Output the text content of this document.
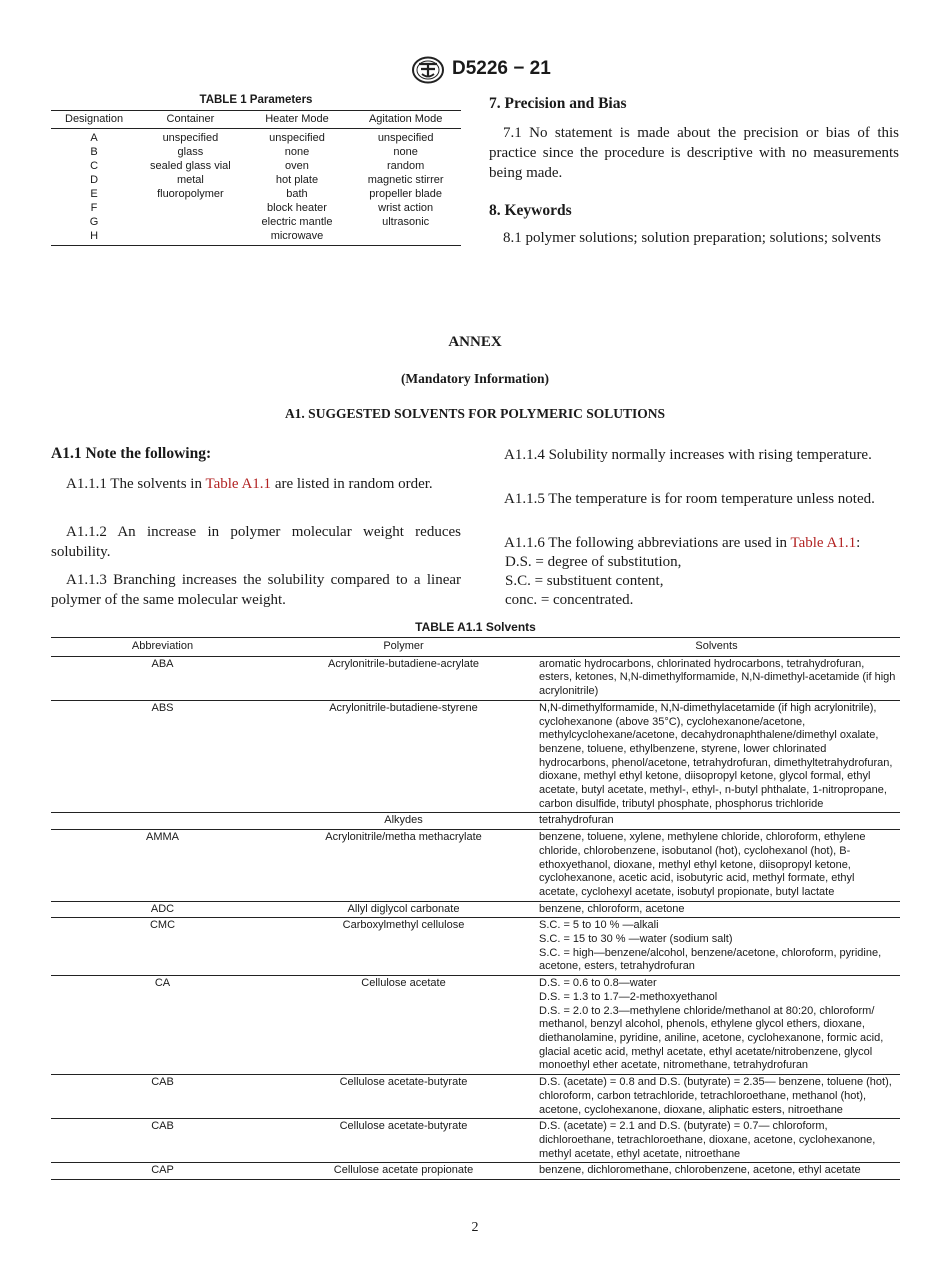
D5226 − 21
TABLE 1 Parameters
Designation	Container	Heater Mode	Agitation Mode
A	unspecified	unspecified	unspecified
B	glass	none	none
C	sealed glass vial	oven	random
D	metal	hot plate	magnetic stirrer
E	fluoropolymer	bath	propeller blade
F		block heater	wrist action
G		electric mantle	ultrasonic
H		microwave	
7. Precision and Bias
7.1 No statement is made about the precision or bias of this practice since the procedure is descriptive with no measurements being made.
8. Keywords
8.1 polymer solutions; solution preparation; solutions; solvents
ANNEX
(Mandatory Information)
A1. SUGGESTED SOLVENTS FOR POLYMERIC SOLUTIONS
A1.1 Note the following:
A1.1.1 The solvents in Table A1.1 are listed in random order.
A1.1.2 An increase in polymer molecular weight reduces solubility.
A1.1.3 Branching increases the solubility compared to a linear polymer of the same molecular weight.
A1.1.4 Solubility normally increases with rising temperature.
A1.1.5 The temperature is for room temperature unless noted.
A1.1.6 The following abbreviations are used in Table A1.1:
D.S. = degree of substitution,
S.C. = substituent content,
conc. = concentrated.
TABLE A1.1 Solvents
Abbreviation	Polymer	Solvents
ABA	Acrylonitrile-butadiene-acrylate	aromatic hydrocarbons, chlorinated hydrocarbons, tetrahydrofuran, esters, ketones, N,N-dimethylformamide, N,N-dimethyl-acetamide (if high acrylonitrile)

ABS	Acrylonitrile-butadiene-styrene	N,N-dimethylformamide, N,N-dimethylacetamide (if high acrylonitrile), cyclohexanone (above 35°C), cyclohexanone/acetone, methylcyclohexane/acetone, decahydronaphthalene/dimethyl oxalate, benzene, toluene, ethylbenzene, styrene, lower chlorinated hydrocarbons, phenol/acetone, tetrahydrofuran, dimethyltetrahydrofuran, dioxane, methyl ethyl ketone, diisopropyl ketone, glycol formal, ethyl acetate, butyl acetate, methyl-, ethyl-, n-butyl phthalate, 1-nitropropane, carbon disulfide, tributyl phosphate, phosphorus trichloride

	Alkydes	tetrahydrofuran

AMMA	Acrylonitrile/metha methacrylate	benzene, toluene, xylene, methylene chloride, chloroform, ethylene chloride, chlorobenzene, isobutanol (hot), cyclohexanol (hot), B-ethoxyethanol, dioxane, methyl ethyl ketone, diisopropyl ketone, cyclohexanone, acetic acid, isobutyric acid, methyl formate, ethyl acetate, cyclohexyl acetate, isobutyl propionate, butyl lactate

ADC	Allyl diglycol carbonate	benzene, chloroform, acetone

CMC	Carboxylmethyl cellulose	S.C. = 5 to 10 % —alkali
S.C. = 15 to 30 % —water (sodium salt)
S.C. = high—benzene/alcohol, benzene/acetone, chloroform, pyridine, acetone, esters, tetrahydrofuran

CA	Cellulose acetate	D.S. = 0.6 to 0.8—water
D.S. = 1.3 to 1.7—2-methoxyethanol
D.S. = 2.0 to 2.3—methylene chloride/methanol at 80:20, chloroform/ methanol, benzyl alcohol, phenols, ethylene glycol ethers, dioxane, diethanolamine, pyridine, aniline, acetone, cyclohexanone, formic acid, glacial acetic acid, methyl acetate, ethyl acetate/nitrobenzene, glycol monoethyl ether acetate, nitromethane, tetrahydrofuran

CAB	Cellulose acetate-butyrate	D.S. (acetate) = 0.8 and D.S. (butyrate) = 2.35— benzene, toluene (hot), chloroform, carbon tetrachloride, tetrachloroethane, methanol (hot), acetone, cyclohexanone, dioxane, aliphatic esters, nitroethane

CAB	Cellulose acetate-butyrate	D.S. (acetate) = 2.1 and D.S. (butyrate) = 0.7— chloroform, dichloroethane, tetrachloroethane, dioxane, acetone, cyclohexanone, methyl acetate, ethyl acetate, nitroethane

CAP	Cellulose acetate propionate	benzene, dichloromethane, chlorobenzene, acetone, ethyl acetate
2
